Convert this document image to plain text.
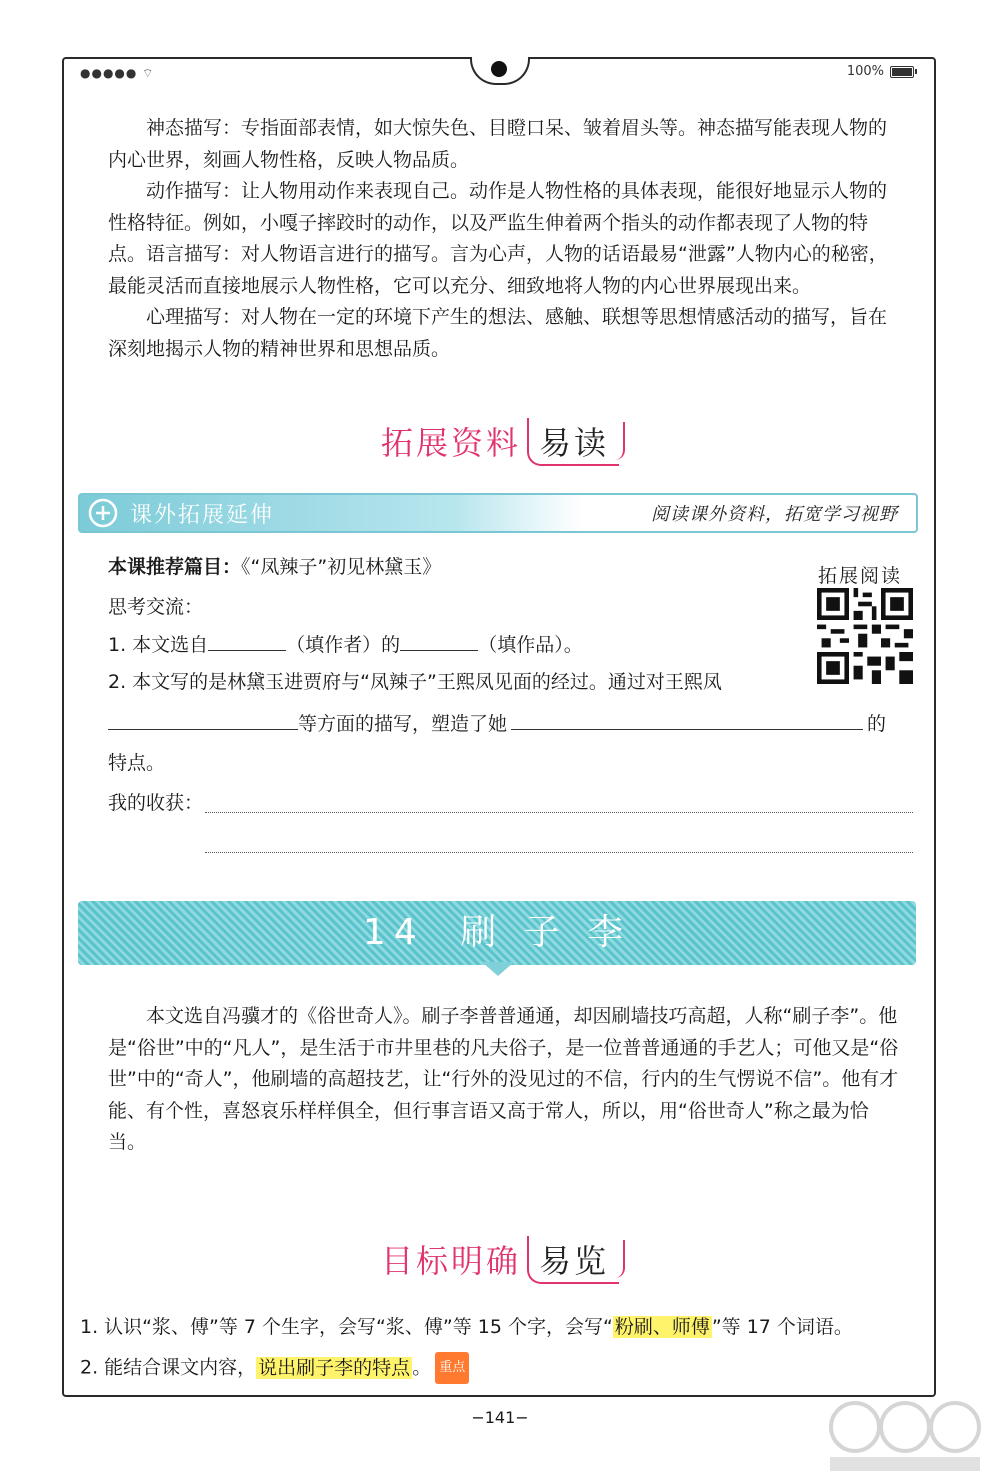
●●●●● ⌔	100%

神态描写：专指面部表情，如大惊失色、目瞪口呆、皱着眉头等。神态描写能表现人物的内心世界，刻画人物性格，反映人物品质。

动作描写：让人物用动作来表现自己。动作是人物性格的具体表现，能很好地显示人物的性格特征。例如，小嘎子摔跤时的动作，以及严监生伸着两个指头的动作都表现了人物的特点。 语言描写：对人物语言进行的描写。言为心声，人物的话语最易“泄露”人物内心的秘密，最能灵活而直接地展示人物性格，它可以充分、细致地将人物的内心世界展现出来。

心理描写：对人物在一定的环境下产生的想法、感触、联想等思想情感活动的描写，旨在深刻地揭示人物的精神世界和思想品质。

拓展资料 易读
课外拓展延伸	阅读课外资料，拓宽学习视野
本课推荐篇目：《“凤辣子”初见林黛玉》	拓展阅读
思考交流：
1. 本文选自	（填作者）的	（填作品）。
2. 本文写的是林黛玉进贾府与“凤辣子”王熙凤见面的经过。通过对王熙凤
等方面的描写，塑造了她	的
特点。
我的收获：
14 刷 子 李

本文选自冯骥才的《俗世奇人》。刷子李普普通通，却因刷墙技巧高超，人称“刷子李”。他是“俗世”中的“凡人”，是生活于市井里巷的凡夫俗子，是一位普普通通的手艺人；可他又是“俗世”中的“奇人”，他刷墙的高超技艺，让“行外的没见过的不信，行内的生气愣说不信”。他有才能、有个性，喜怒哀乐样样俱全，但行事言语又高于常人，所以，用“俗世奇人”称之最为恰当。

目标明确 易览
1. 认识“浆、傅”等 7 个生字，会写“浆、傅”等 15 个字，会写“ 粉刷、师傅 ”等 17 个词语。
2. 能结合课文内容， 说出刷子李的特点 。 重点
−141−
